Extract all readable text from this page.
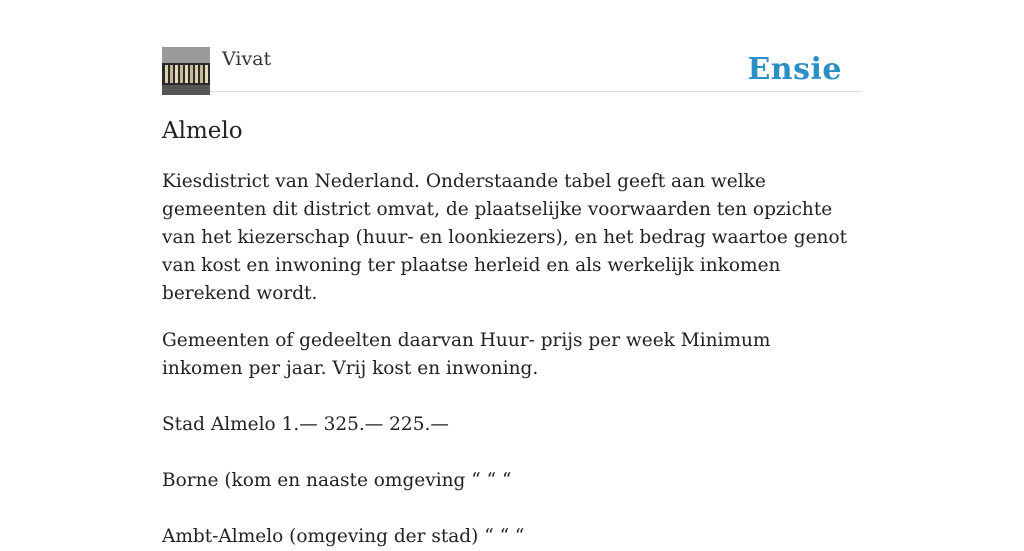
Vivat	Ensie
Almelo

Kiesdistrict van Nederland. Onderstaande tabel geeft aan welke gemeenten dit district omvat, de plaatselijke voorwaarden ten opzichte van het kiezerschap (huur- en loonkiezers), en het bedrag waartoe genot van kost en inwoning ter plaatse herleid en als werkelijk inkomen berekend wordt.

Gemeenten of gedeelten daarvan Huur- prijs per week Minimum inkomen per jaar. Vrij kost en inwoning.

Stad Almelo 1.— 325.— 225.—

Borne (kom en naaste omgeving “ “ “

Ambt-Almelo (omgeving der stad) “ “ “
